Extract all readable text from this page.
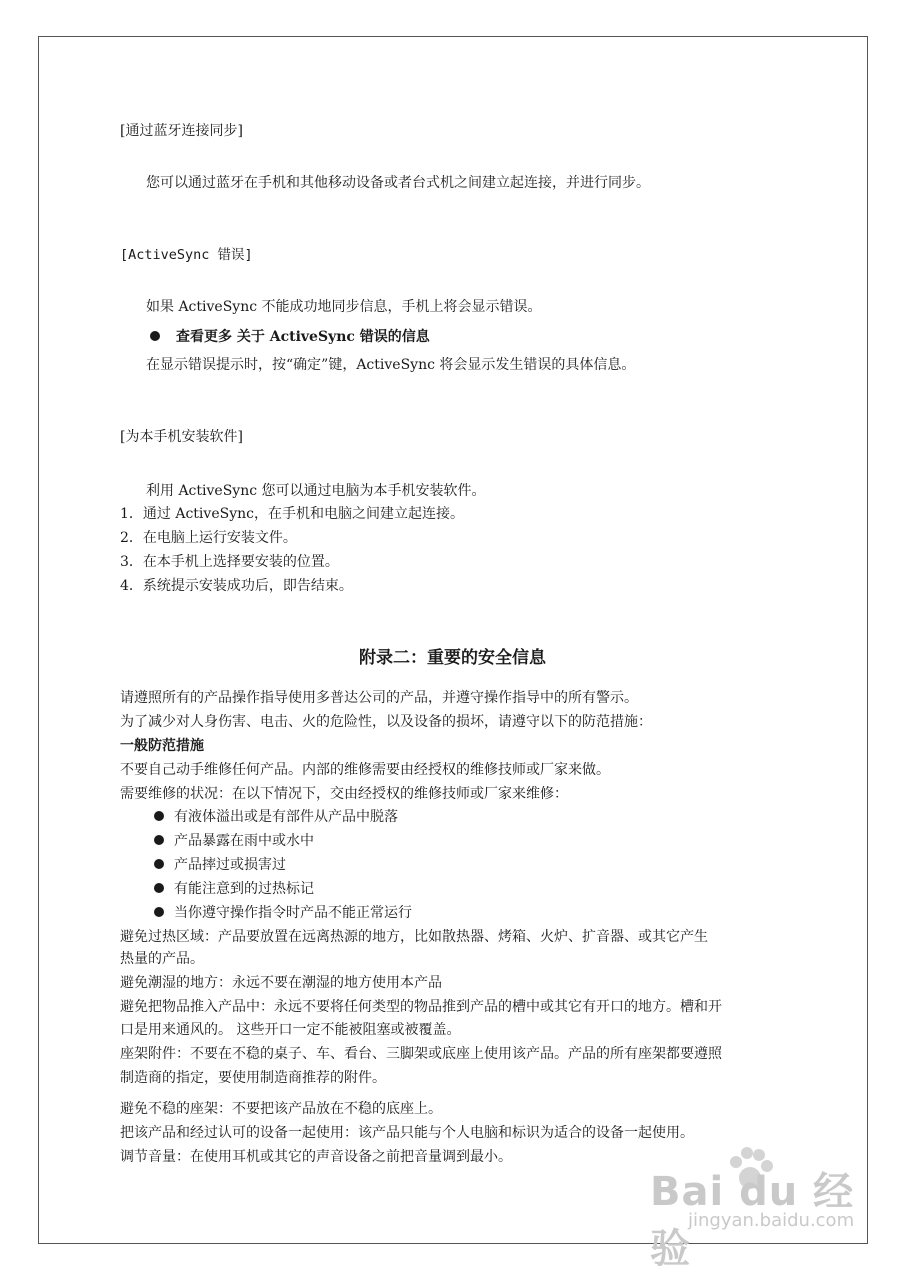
[通过蓝牙连接同步]
您可以通过蓝牙在手机和其他移动设备或者台式机之间建立起连接，并进行同步。
[ActiveSync 错误]
如果 ActiveSync 不能成功地同步信息，手机上将会显示错误。
查看更多 关于 ActiveSync 错误的信息
在显示错误提示时，按“确定”键，ActiveSync 将会显示发生错误的具体信息。
[为本手机安装软件]
利用 ActiveSync 您可以通过电脑为本手机安装软件。
1．通过 ActiveSync，在手机和电脑之间建立起连接。
2．在电脑上运行安装文件。
3．在本手机上选择要安装的位置。
4．系统提示安装成功后，即告结束。
附录二：重要的安全信息
请遵照所有的产品操作指导使用多普达公司的产品，并遵守操作指导中的所有警示。
为了减少对人身伤害、电击、火的危险性，以及设备的损坏，请遵守以下的防范措施：
一般防范措施
不要自己动手维修任何产品。内部的维修需要由经授权的维修技师或厂家来做。
需要维修的状况：在以下情况下，交由经授权的维修技师或厂家来维修：
有液体溢出或是有部件从产品中脱落
产品暴露在雨中或水中
产品摔过或损害过
有能注意到的过热标记
当你遵守操作指令时产品不能正常运行
避免过热区域：产品要放置在远离热源的地方，比如散热器、烤箱、火炉、扩音器、或其它产生
热量的产品。
避免潮湿的地方：永远不要在潮湿的地方使用本产品
避免把物品推入产品中：永远不要将任何类型的物品推到产品的槽中或其它有开口的地方。槽和开
口是用来通风的。 这些开口一定不能被阻塞或被覆盖。
座架附件：不要在不稳的桌子、车、看台、三脚架或底座上使用该产品。产品的所有座架都要遵照
制造商的指定，要使用制造商推荐的附件。
避免不稳的座架：不要把该产品放在不稳的底座上。
把该产品和经过认可的设备一起使用：该产品只能与个人电脑和标识为适合的设备一起使用。
调节音量：在使用耳机或其它的声音设备之前把音量调到最小。
Bai du 经验
jingyan.baidu.com
